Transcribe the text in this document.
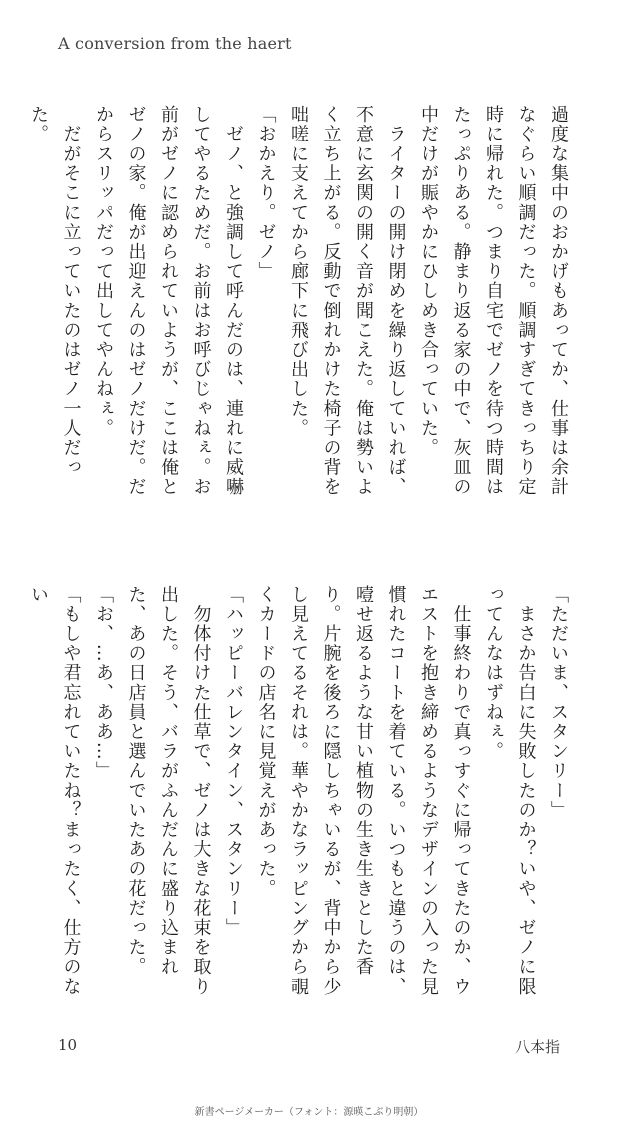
A conversion from the haert

過度な集中のおかげもあってか、仕事は余計なぐらい順調だった。順調すぎてきっちり定時に帰れた。つまり自宅でゼノを待つ時間はたっぷりある。静まり返る家の中で、灰皿の中だけが賑やかにひしめき合っていた。

　ライターの開け閉めを繰り返していれば、不意に玄関の開く音が聞こえた。俺は勢いよく立ち上がる。反動で倒れかけた椅子の背を咄嗟に支えてから廊下に飛び出した。

「おかえり。ゼノ」

　ゼノ、と強調して呼んだのは、連れに威嚇してやるためだ。お前はお呼びじゃねぇ。お前がゼノに認められていようが、ここは俺とゼノの家。俺が出迎えんのはゼノだけだ。だからスリッパだって出してやんねぇ。

　だがそこに立っていたのはゼノ一人だった。

「ただいま、スタンリー」

　まさか告白に失敗したのか？いや、ゼノに限ってんなはずねぇ。

　仕事終わりで真っすぐに帰ってきたのか、ウエストを抱き締めるようなデザインの入った見慣れたコートを着ている。いつもと違うのは、噎せ返るような甘い植物の生き生きとした香り。片腕を後ろに隠しちゃいるが、背中から少し見えてるそれは。華やかなラッピングから覗くカードの店名に見覚えがあった。

「ハッピーバレンタイン、スタンリー」

　勿体付けた仕草で、ゼノは大きな花束を取り出した。そう、バラがふんだんに盛り込まれた、あの日店員と選んでいたあの花だった。

「お、…あ、ああ…」

「もしや君忘れていたね？まったく、仕方のない

10	八本指
新書ページメーカー（フォント：源暎こぶり明朝）
